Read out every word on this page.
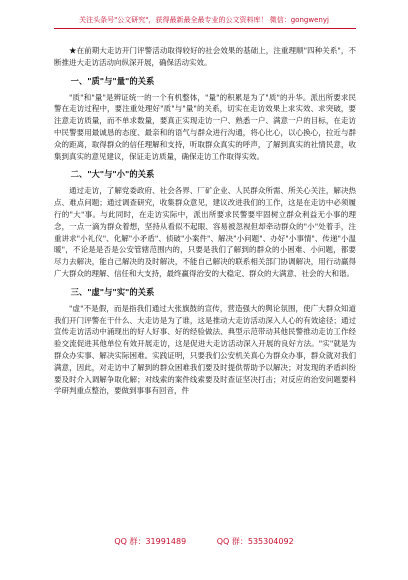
关注头条号"公文研究"，获得最新最全最专业的公文资料库！ 微信：gongwenyj

★在前期大走访开门评警活动取得较好的社会效果的基础上，注重理顺"四种关系"，不断推进大走访活动向纵深开展，确保活动实效。

一、"质"与"量"的关系

"质"和"量"是辨证统一的一个有机整体，"量"的积累是为了"质"的升华。派出所要求民警在走访过程中，要注重处理好"质"与"量"的关系，切实在走访效果上求实效、求突破，要注意走访质量，而不单求数量，要真正实现走访一户、熟悉一户、满意一户的目标，在走访中民警要用最诚恳的态度、最亲和的语气与群众进行沟通，将心比心，以心换心，拉近与群众的距离，取得群众的信任理解和支持，听取群众真实的呼声，了解到真实的社情民意，收集到真实的意见建议，保证走访质量，确保走访工作取得实效。

二、"大"与"小"的关系

通过走访，了解党委政府、社会各界、厂矿企业、人民群众所需、所关心关注，解决热点、难点问题；通过调查研究，收集群众意见，建议改进我们的工作，这是在走访中必须履行的"大"事。与此同时，在走访实际中，派出所要求民警要牢固树立群众利益无小事的理念，一点一滴为群众着想，坚持从看似不起眼、容易被忽视但却牵动群众的"小"处着手，注重讲求"小礼仪"、化解"小矛盾"、侦破"小案件"、解决"小问题"、办好"小事情"、传递"小温暖"，不论是是否是公安管辖范围内的，只要是我们了解到的群众的小困难、小问题，都要尽力去解决，能自己解决的及时解决，不能自己解决的联系相关部门协调解决，用行动赢得广大群众的理解、信任和大支持，最终赢得治安的大稳定、群众的大满意、社会的大和谐。

三、"虚"与"实"的关系

"虚"不是假，而是指我们通过大张旗鼓的宣传，营造强大的舆论氛围，使广大群众知道我们开门评警在干什么、大走访是为了谁，这是推动大走访活动深入人心的有效途径；通过宣传走访活动中涌现出的好人好事、好的经验做法、典型示范带动其他民警推动走访工作经验交流促进其他单位有效开展走访，这是促进大走访活动深入开展的良好方法。"实"就是为群众办实事、解决实际困难。实践证明，只要我们公安机关真心为群众办事，群众就对我们满意，因此，对走访中了解到的群众困难我们要及时提供帮助予以解决；对发现的矛盾纠纷要及时介入调解争取化解；对线索的案件线索要及时查证坚决打击；对反应的治安问题要科学研判重点整治，要做到事事有回音，件

QQ 群：31991489	QQ 群：535304092
